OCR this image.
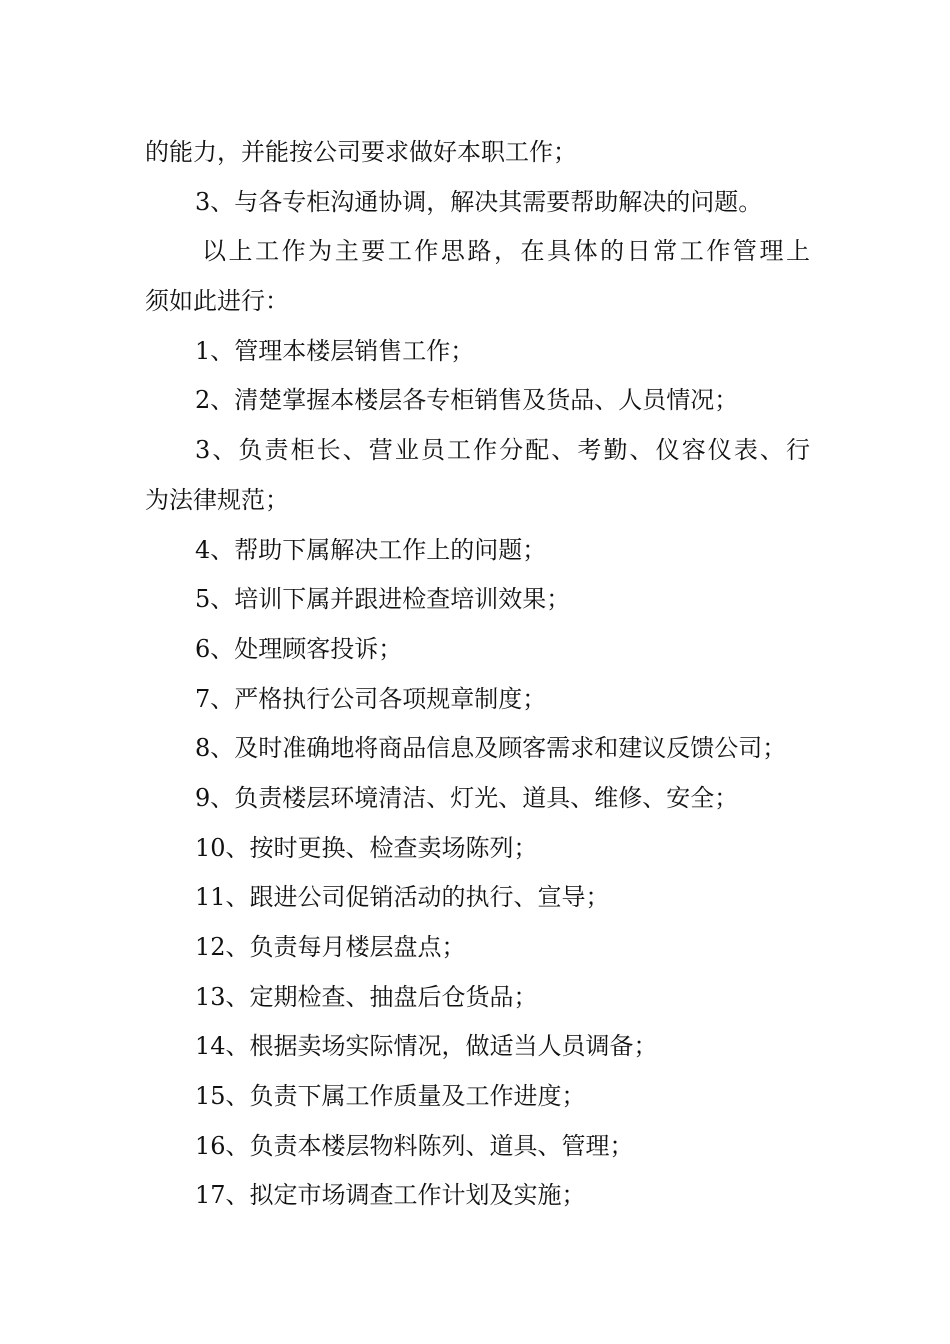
的能力，并能按公司要求做好本职工作；
3、与各专柜沟通协调，解决其需要帮助解决的问题。
以上工作为主要工作思路，在具体的日常工作管理上
须如此进行：
1、管理本楼层销售工作；
2、清楚掌握本楼层各专柜销售及货品、人员情况；
3、负责柜长、营业员工作分配、考勤、仪容仪表、行
为法律规范；
4、帮助下属解决工作上的问题；
5、培训下属并跟进检查培训效果；
6、处理顾客投诉；
7、严格执行公司各项规章制度；
8、及时准确地将商品信息及顾客需求和建议反馈公司；
9、负责楼层环境清洁、灯光、道具、维修、安全；
10、按时更换、检查卖场陈列；
11、跟进公司促销活动的执行、宣导；
12、负责每月楼层盘点；
13、定期检查、抽盘后仓货品；
14、根据卖场实际情况，做适当人员调备；
15、负责下属工作质量及工作进度；
16、负责本楼层物料陈列、道具、管理；
17、拟定市场调查工作计划及实施；
